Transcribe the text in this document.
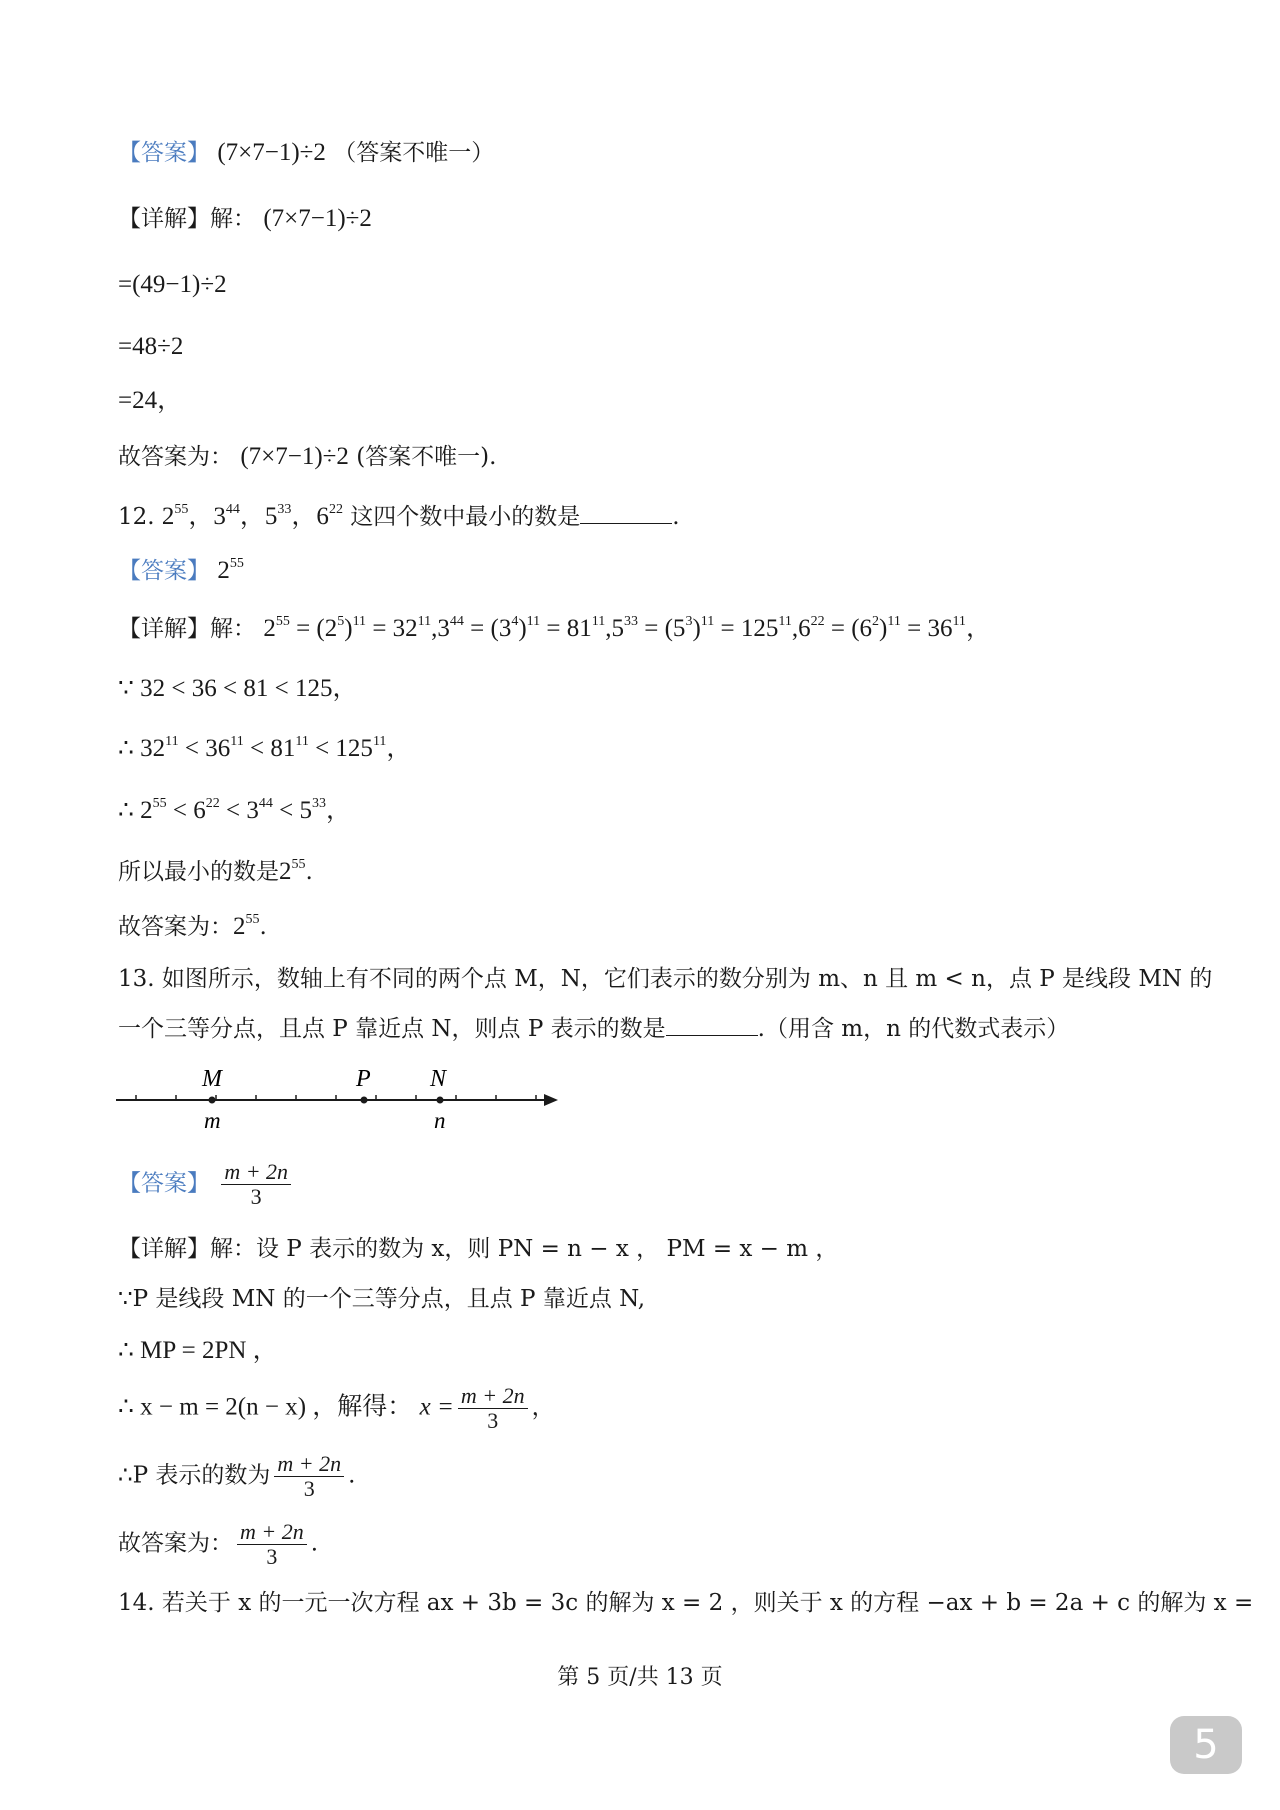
【答案】 (7×7−1)÷2 （答案不唯一）
【详解】解： (7×7−1)÷2
=(49−1)÷2
=48÷2
=24，
故答案为： (7×7−1)÷2 (答案不唯一).
12. $2^{55}$，$3^{44}$，$5^{33}$，$6^{22}$ 这四个数中最小的数是	.
【答案】 $2^{55}$
【详解】解： $2^{55} = (2^5)^{11} = 32^{11},3^{44} = (3^4)^{11} = 81^{11},5^{33} = (5^3)^{11} = 125^{11},6^{22} = (6^2)^{11} = 36^{11}$，
∵ 32 < 36 < 81 < 125，
∴ $32^{11} < 36^{11} < 81^{11} < 125^{11}$，
∴ $2^{55} < 6^{22} < 3^{44} < 5^{33}$，
所以最小的数是$2^{55}$.
故答案为：$2^{55}$.
13. 如图所示，数轴上有不同的两个点 M，N，它们表示的数分别为 m、n 且 m < n，点 P 是线段 MN 的
一个三等分点，且点 P 靠近点 N，则点 P 表示的数是	.（用含 m，n 的代数式表示）
M	P N
m	n
【答案】 $\frac{m + 2n}{3}$
【详解】解：设 P 表示的数为 x，则 PN = n − x ， PM = x − m ，
∵P 是线段 MN 的一个三等分点，且点 P 靠近点 N,
∴ MP = 2PN ，
∴ x − m = 2(n − x) ，解得： $x = \frac{m + 2n}{3}$ ，
∴P 表示的数为 $\frac{m + 2n}{3}$ .
故答案为： $\frac{m + 2n}{3}$ .
14. 若关于 x 的一元一次方程 ax + 3b = 3c 的解为 x = 2 ，则关于 x 的方程 −ax + b = 2a + c 的解为 x =
第 5 页/共 13 页
5
